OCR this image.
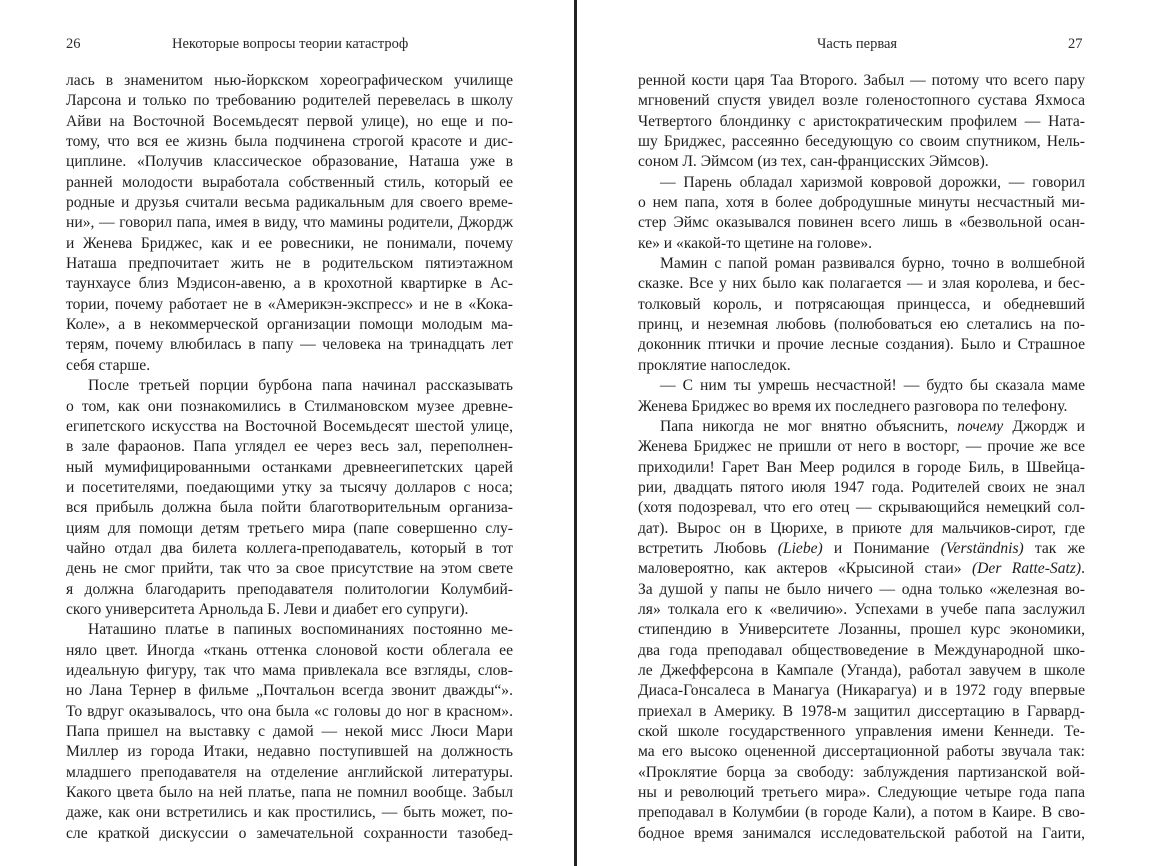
26	Некоторые вопросы теории катастроф
лась в знаменитом нью-йоркском хореографическом училище
Ларсона и только по требованию родителей перевелась в школу
Айви на Восточной Восемьдесят первой улице), но еще и по-
тому, что вся ее жизнь была подчинена строгой красоте и дис-
циплине. «Получив классическое образование, Наташа уже в
ранней молодости выработала собственный стиль, который ее
родные и друзья считали весьма радикальным для своего време-
ни», — говорил папа, имея в виду, что мамины родители, Джордж
и Женева Бриджес, как и ее ровесники, не понимали, почему
Наташа предпочитает жить не в родительском пятиэтажном
таунхаусе близ Мэдисон-авеню, а в крохотной квартирке в Ас-
тории, почему работает не в «Америкэн-экспресс» и не в «Кока-
Коле», а в некоммерческой организации помощи молодым ма-
терям, почему влюбилась в папу — человека на тринадцать лет
себя старше.
После третьей порции бурбона папа начинал рассказывать
о том, как они познакомились в Стилмановском музее древне-
египетского искусства на Восточной Восемьдесят шестой улице,
в зале фараонов. Папа углядел ее через весь зал, переполнен-
ный мумифицированными останками древнеегипетских царей
и посетителями, поедающими утку за тысячу долларов с носа;
вся прибыль должна была пойти благотворительным организа-
циям для помощи детям третьего мира (папе совершенно слу-
чайно отдал два билета коллега-преподаватель, который в тот
день не смог прийти, так что за свое присутствие на этом свете
я должна благодарить преподавателя политологии Колумбий-
ского университета Арнольда Б. Леви и диабет его супруги).
Наташино платье в папиных воспоминаниях постоянно ме-
няло цвет. Иногда «ткань оттенка слоновой кости облегала ее
идеальную фигуру, так что мама привлекала все взгляды, слов-
но Лана Тернер в фильме „Почтальон всегда звонит дважды“».
То вдруг оказывалось, что она была «с головы до ног в красном».
Папа пришел на выставку с дамой — некой мисс Люси Мари
Миллер из города Итаки, недавно поступившей на должность
младшего преподавателя на отделение английской литературы.
Какого цвета было на ней платье, папа не помнил вообще. Забыл
даже, как они встретились и как простились, — быть может, по-
сле краткой дискуссии о замечательной сохранности тазобед-
Часть первая	27
ренной кости царя Таа Второго. Забыл — потому что всего пару
мгновений спустя увидел возле голеностопного сустава Яхмоса
Четвертого блондинку с аристократическим профилем — Ната-
шу Бриджес, рассеянно беседующую со своим спутником, Нель-
соном Л. Эймсом (из тех, сан-францисских Эймсов).
— Парень обладал харизмой ковровой дорожки, — говорил
о нем папа, хотя в более добродушные минуты несчастный ми-
стер Эймс оказывался повинен всего лишь в «безвольной осан-
ке» и «какой-то щетине на голове».
Мамин с папой роман развивался бурно, точно в волшебной
сказке. Все у них было как полагается — и злая королева, и бес-
толковый король, и потрясающая принцесса, и обедневший
принц, и неземная любовь (полюбоваться ею слетались на по-
доконник птички и прочие лесные создания). Было и Страшное
проклятие напоследок.
— С ним ты умрешь несчастной! — будто бы сказала маме
Женева Бриджес во время их последнего разговора по телефону.
Папа никогда не мог внятно объяснить, почему Джордж и
Женева Бриджес не пришли от него в восторг, — прочие же все
приходили! Гарет Ван Меер родился в городе Биль, в Швейца-
рии, двадцать пятого июля 1947 года. Родителей своих не знал
(хотя подозревал, что его отец — скрывающийся немецкий сол-
дат). Вырос он в Цюрихе, в приюте для мальчиков-сирот, где
встретить Любовь (Liebe) и Понимание (Verständnis) так же
маловероятно, как актеров «Крысиной стаи» (Der Ratte-Satz).
За душой у папы не было ничего — одна только «железная во-
ля» толкала его к «величию». Успехами в учебе папа заслужил
стипендию в Университете Лозанны, прошел курс экономики,
два года преподавал обществоведение в Международной шко-
ле Джефферсона в Кампале (Уганда), работал завучем в школе
Диаса-Гонсалеса в Манагуа (Никарагуа) и в 1972 году впервые
приехал в Америку. В 1978-м защитил диссертацию в Гарвард-
ской школе государственного управления имени Кеннеди. Те-
ма его высоко оцененной диссертационной работы звучала так:
«Проклятие борца за свободу: заблуждения партизанской вой-
ны и революций третьего мира». Следующие четыре года папа
преподавал в Колумбии (в городе Кали), а потом в Каире. В сво-
бодное время занимался исследовательской работой на Гаити,
